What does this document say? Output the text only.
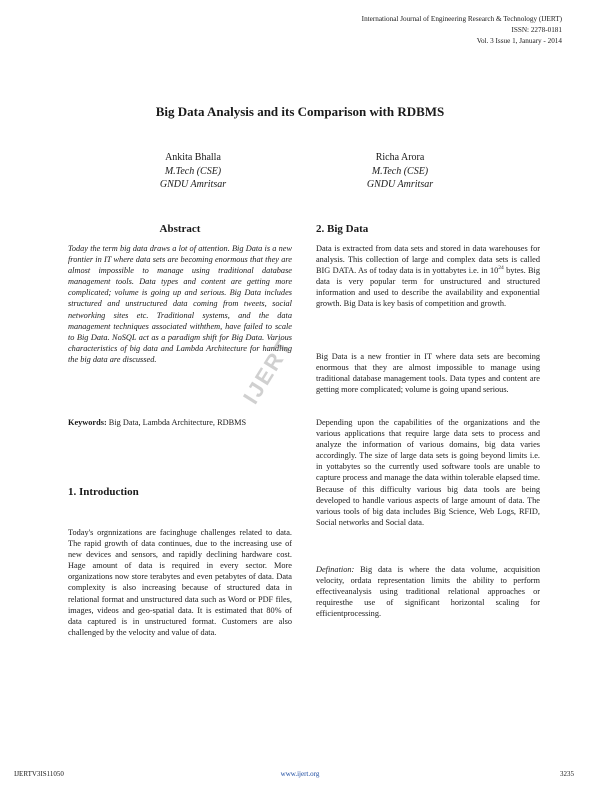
International Journal of Engineering Research & Technology (IJERT)
ISSN: 2278-0181
Vol. 3 Issue 1, January - 2014
Big Data Analysis and its Comparison with RDBMS
Ankita Bhalla
M.Tech (CSE)
GNDU Amritsar
Richa Arora
M.Tech (CSE)
GNDU Amritsar
Abstract
Today the term big data draws a lot of attention. Big Data is a new frontier in IT where data sets are becoming enormous that they are almost impossible to manage using traditional database management tools. Data types and content are getting more complicated; volume is going up and serious. Big Data includes structured and unstructured data coming from tweets, social networking sites etc. Traditional systems, and the data management techniques associated withthem, have failed to scale to Big Data. NoSQL act as a paradigm shift for Big Data. Various characteristics of big data and Lambda Architecture for handling the big data are discussed.
Keywords: Big Data, Lambda Architecture, RDBMS
1. Introduction
Today's orgnnizations are facinghuge challenges related to data. The rapid growth of data continues, due to the increasing use of new devices and sensors, and rapidly declining hardware cost. Hage amount of data is required in every sector. More organizations now store terabytes and even petabytes of data. Data complexity is also increasing because of structured data in relational format and unstructured data such as Word or PDF files, images, videos and geo-spatial data. It is estimated that 80% of data captured is in unstructured format. Customers are also challenged by the velocity and value of data.
2. Big Data
Data is extracted from data sets and stored in data warehouses for analysis. This collection of large and complex data sets is called BIG DATA. As of today data is in yottabytes i.e. in $10^{24}$ bytes. Big data is very popular term for unstructured and structured information and used to describe the availability and exponential growth. Big Data is key basis of competition and growth.
Big Data is a new frontier in IT where data sets are becoming enormous that they are almost impossible to manage using traditional database management tools. Data types and content are getting more complicated; volume is going upand serious.
Depending upon the capabilities of the organizations and the various applications that require large data sets to process and analyze the information of various domains, big data varies accordingly. The size of large data sets is going beyond limits i.e. in yottabytes so the currently used software tools are unable to capture process and manage the data within tolerable elapsed time. Because of this difficulty various big data tools are being developed to handle various aspects of large amount of data. The various tools of big data includes Big Science, Web Logs, RFID, Social networks and Social data.
Defination: Big data is where the data volume, acquisition velocity, ordata representation limits the ability to perform effectiveanalysis using traditional relational approaches or requiresthe use of significant horizontal scaling for efficientprocessing.
IJERT
IJERTV3IS11050	www.ijert.org	3235
